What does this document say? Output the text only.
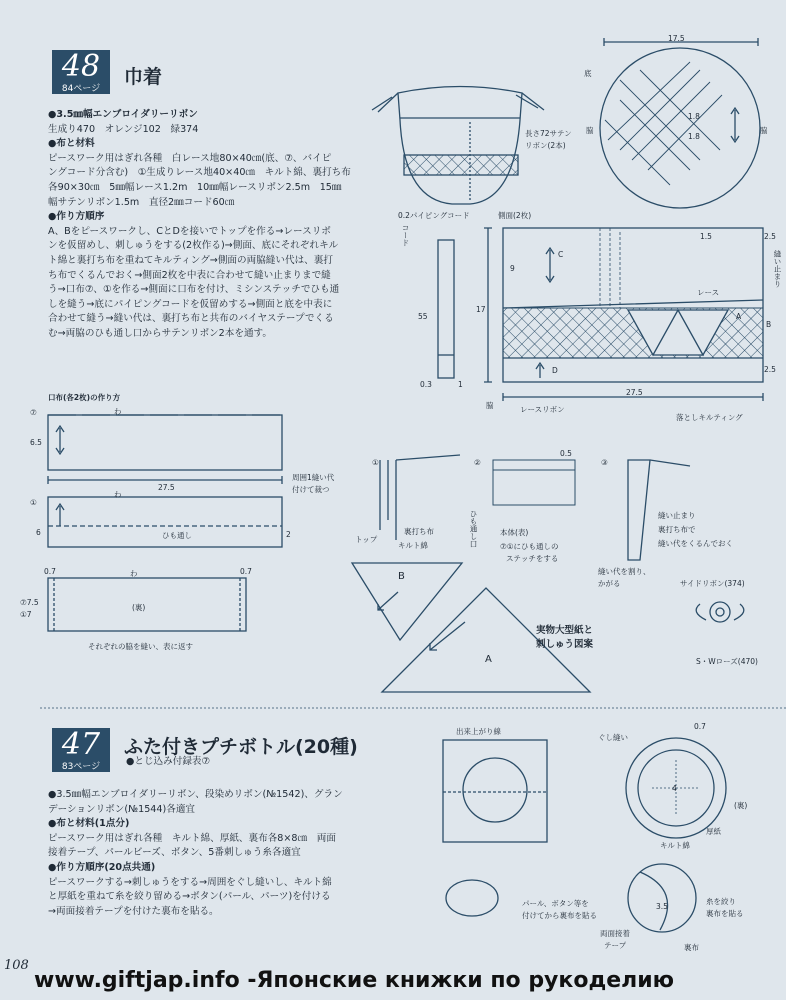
48
84ページ
巾着
●3.5㎜幅エンブロイダリーリボン
生成り470　オレンジ102　緑374
●布と材料
ピースワーク用はぎれ各種　白レース地80×40㎝(底、⑦、バイピ
ングコード分含む)　①生成りレース地40×40㎝　キルト綿、裏打ち布
各90×30㎝　5㎜幅レース1.2m　10㎜幅レースリボン2.5m　15㎜
幅サテンリボン1.5m　直径2㎜コード60㎝
●作り方順序
A、Bをピースワークし、CとDを接いでトップを作る→レースリボ
ンを仮留めし、刺しゅうをする(2枚作る)→側面、底にそれぞれキル
ト綿と裏打ち布を重ねてキルティング→側面の両脇縫い代は、裏打
ち布でくるんでおく→側面2枚を中表に合わせて縫い止まりまで縫
う→口布⑦、①を作る→側面に口布を付け、ミシンステッチでひも通
しを縫う→底にパイピングコードを仮留めする→側面と底を中表に
合わせて縫う→縫い代は、裏打ち布と共布のバイヤステープでくる
む→両脇のひも通し口からサテンリボン2本を通す。
長さ72サテン
リボン(2本)
0.2パイピングコード	側面(2枚)
17.5
底
脇	脇
1.8
1.8
コード
55
0.3	1
1.5	2.5
縫い止まり
2.5
17
9
レース
レースリボン
27.5
落としキルティング
脇
A
B
C
D
口布(各2枚)の作り方
⑦	わ
6.5
27.5
周囲1縫い代
付けて裁つ
①
わ
6	ひも通し	2
0.7	0.7
わ
⑦7.5
①7
(裏)
それぞれの脇を縫い、表に返す
①	②	③
トップ
裏打ち布
キルト綿	ひも通し口	本体(表)
⑦①にひも通しの
ステッチをする
0.5
縫い止まり
裏打ち布で
縫い代をくるんでおく
縫い代を割り、
かがる	サイドリボン(374)
S・Wローズ(470)
実物大型紙と
刺しゅう図案
B
A
47
83ページ
ふた付きプチボトル(20種)
●とじ込み付録表⑦
●3.5㎜幅エンブロイダリーリボン、段染めリボン(№1542)、グラン
デーションリボン(№1544)各適宜
●布と材料(1点分)
ピースワーク用はぎれ各種　キルト綿、厚紙、裏布各8×8㎝　両面
接着テープ、パールビーズ、ボタン、5番刺しゅう糸各適宜
●作り方順序(20点共通)
ピースワークする→刺しゅうをする→周囲をぐし縫いし、キルト綿
と厚紙を重ねて糸を絞り留める→ボタン(パール、パーツ)を付ける
→両面接着テープを付けた裏布を貼る。
出来上がり線
ぐし縫い
0.7
4
(裏)
厚紙
キルト綿
パール、ボタン等を
付けてから裏布を貼る
糸を絞り
裏布を貼る
3.5
両面接着
テープ	裏布
108
www.giftjap.info -Японские книжки по рукоделию
